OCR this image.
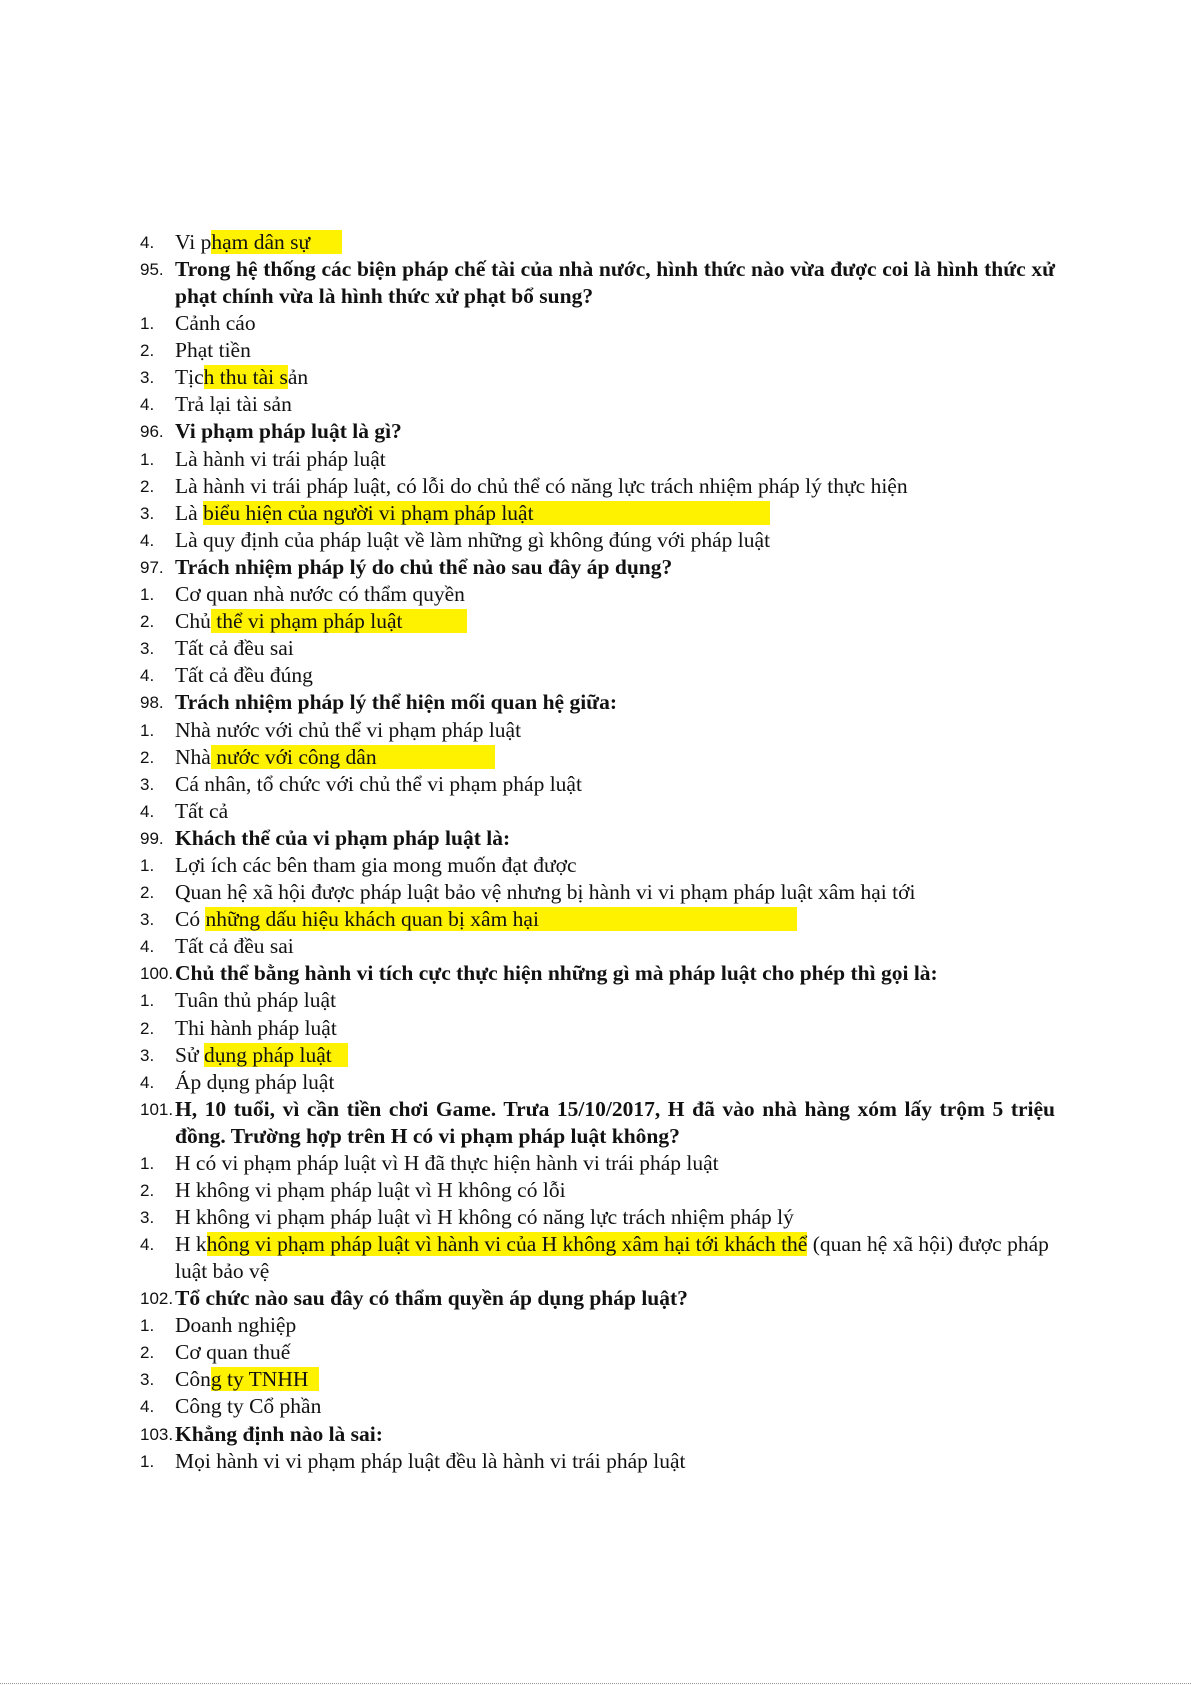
4. Vi phạm dân sự
95. Trong hệ thống các biện pháp chế tài của nhà nước, hình thức nào vừa được coi là hình thức xử phạt chính vừa là hình thức xử phạt bổ sung?
1. Cảnh cáo
2. Phạt tiền
3. Tịch thu tài sản
4. Trả lại tài sản
96. Vi phạm pháp luật là gì?
1. Là hành vi trái pháp luật
2. Là hành vi trái pháp luật, có lỗi do chủ thể có năng lực trách nhiệm pháp lý thực hiện
3. Là biểu hiện của người vi phạm pháp luật
4. Là quy định của pháp luật về làm những gì không đúng với pháp luật
97. Trách nhiệm pháp lý do chủ thể nào sau đây áp dụng?
1. Cơ quan nhà nước có thẩm quyền
2. Chủ thể vi phạm pháp luật
3. Tất cả đều sai
4. Tất cả đều đúng
98. Trách nhiệm pháp lý thể hiện mối quan hệ giữa:
1. Nhà nước với chủ thể vi phạm pháp luật
2. Nhà nước với công dân
3. Cá nhân, tổ chức với chủ thể vi phạm pháp luật
4. Tất cả
99. Khách thể của vi phạm pháp luật là:
1. Lợi ích các bên tham gia mong muốn đạt được
2. Quan hệ xã hội được pháp luật bảo vệ nhưng bị hành vi vi phạm pháp luật xâm hại tới
3. Có những dấu hiệu khách quan bị xâm hại
4. Tất cả đều sai
100. Chủ thể bằng hành vi tích cực thực hiện những gì mà pháp luật cho phép thì gọi là:
1. Tuân thủ pháp luật
2. Thi hành pháp luật
3. Sử dụng pháp luật
4. Áp dụng pháp luật
101. H, 10 tuổi, vì cần tiền chơi Game. Trưa 15/10/2017, H đã vào nhà hàng xóm lấy trộm 5 triệu đồng. Trường hợp trên H có vi phạm pháp luật không?
1. H có vi phạm pháp luật vì H đã thực hiện hành vi trái pháp luật
2. H không vi phạm pháp luật vì H không có lỗi
3. H không vi phạm pháp luật vì H không có năng lực trách nhiệm pháp lý
4. H không vi phạm pháp luật vì hành vi của H không xâm hại tới khách thể (quan hệ xã hội) được pháp luật bảo vệ
102. Tổ chức nào sau đây có thẩm quyền áp dụng pháp luật?
1. Doanh nghiệp
2. Cơ quan thuế
3. Công ty TNHH
4. Công ty Cổ phần
103. Khẳng định nào là sai:
1. Mọi hành vi vi phạm pháp luật đều là hành vi trái pháp luật
